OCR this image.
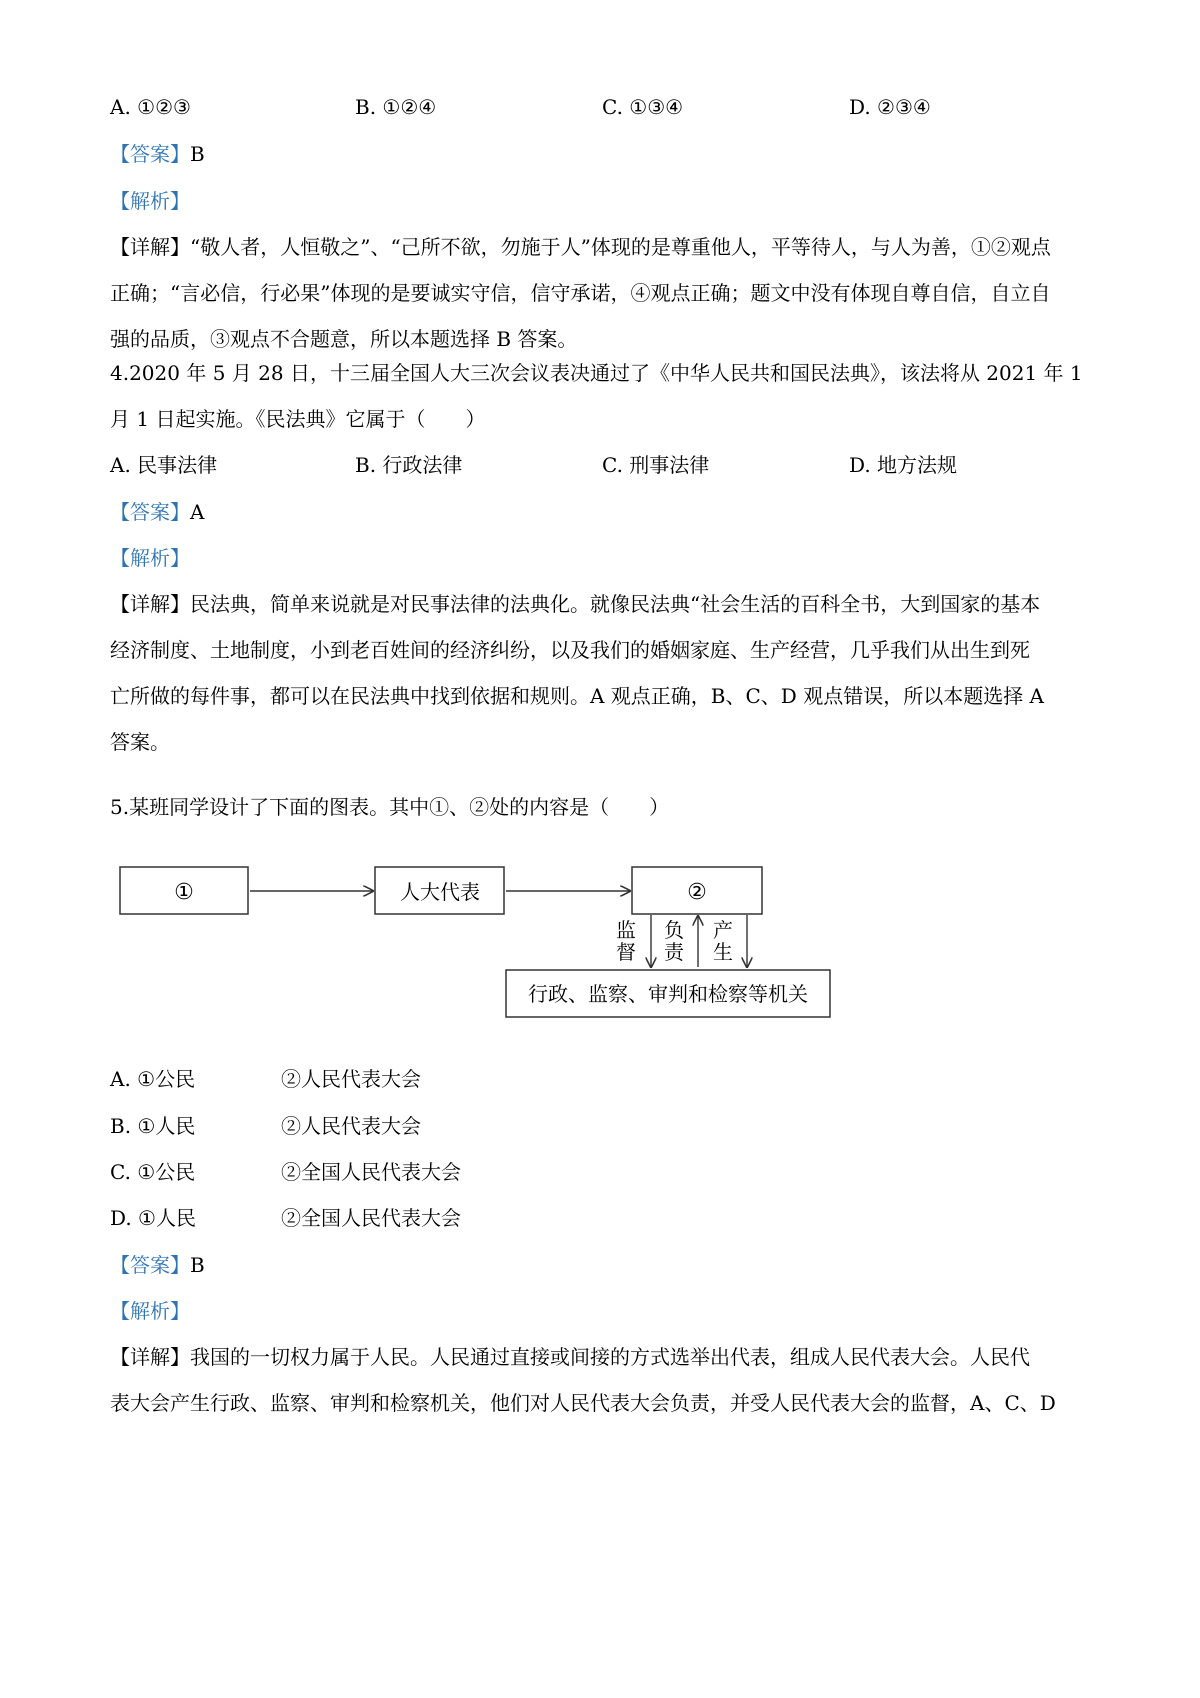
A. ①②③	B. ①②④	C. ①③④	D. ②③④
【答案】B
【解析】
【详解】“敬人者，人恒敬之”、“己所不欲，勿施于人”体现的是尊重他人，平等待人，与人为善，①②观点
正确；“言必信，行必果”体现的是要诚实守信，信守承诺，④观点正确；题文中没有体现自尊自信，自立自
强的品质，③观点不合题意，所以本题选择 B 答案。
4.2020 年 5 月 28 日，十三届全国人大三次会议表决通过了《中华人民共和国民法典》，该法将从 2021 年 1
月 1 日起实施。《民法典》它属于（　　）
A. 民事法律	B. 行政法律	C. 刑事法律	D. 地方法规
【答案】A
【解析】
【详解】民法典，简单来说就是对民事法律的法典化。就像民法典“社会生活的百科全书，大到国家的基本
经济制度、土地制度，小到老百姓间的经济纠纷，以及我们的婚姻家庭、生产经营，几乎我们从出生到死
亡所做的每件事，都可以在民法典中找到依据和规则。A 观点正确，B、C、D 观点错误，所以本题选择 A
答案。
5.某班同学设计了下面的图表。其中①、②处的内容是（　　）
①	人大代表	②
监督
负责
产生
行政、监察、审判和检察等机关
A. ①公民	②人民代表大会
B. ①人民	②人民代表大会
C. ①公民	②全国人民代表大会
D. ①人民	②全国人民代表大会
【答案】B
【解析】
【详解】我国的一切权力属于人民。人民通过直接或间接的方式选举出代表，组成人民代表大会。人民代
表大会产生行政、监察、审判和检察机关，他们对人民代表大会负责，并受人民代表大会的监督，A、C、D
